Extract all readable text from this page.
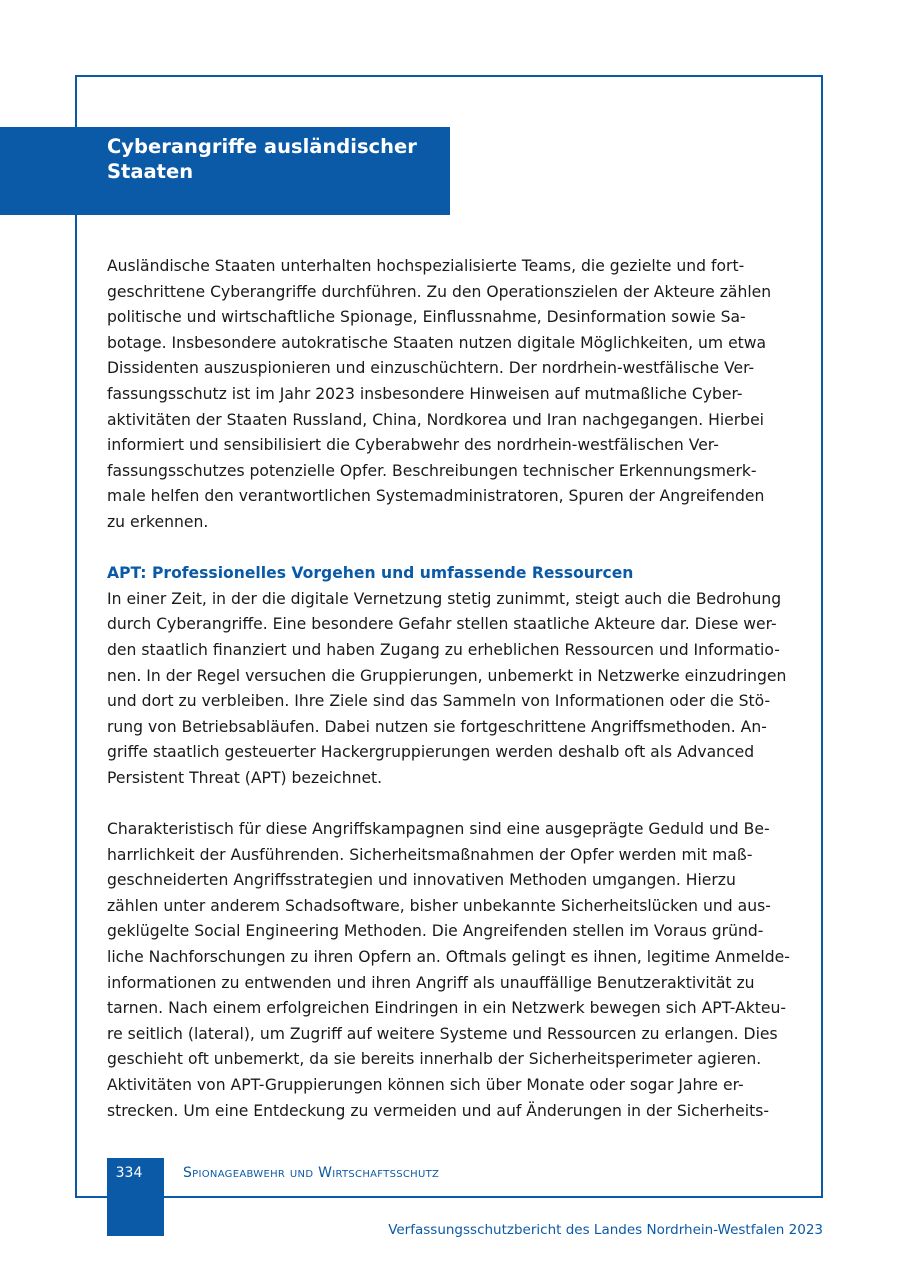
Cyberangriffe ausländischer
Staaten

Ausländische Staaten unterhalten hochspezialisierte Teams, die gezielte und fort-
geschrittene Cyberangriffe durchführen. Zu den Operationszielen der Akteure zählen
politische und wirtschaftliche Spionage, Einflussnahme, Desinformation sowie Sa-
botage. Insbesondere autokratische Staaten nutzen digitale Möglichkeiten, um etwa
Dissidenten auszuspionieren und einzuschüchtern. Der nordrhein-westfälische Ver-
fassungsschutz ist im Jahr 2023 insbesondere Hinweisen auf mutmaßliche Cyber-
aktivitäten der Staaten Russland, China, Nordkorea und Iran nachgegangen. Hierbei
informiert und sensibilisiert die Cyberabwehr des nordrhein-westfälischen Ver-
fassungsschutzes potenzielle Opfer. Beschreibungen technischer Erkennungsmerk-
male helfen den verantwortlichen Systemadministratoren, Spuren der Angreifenden
zu erkennen.

APT: Professionelles Vorgehen und umfassende Ressourcen

In einer Zeit, in der die digitale Vernetzung stetig zunimmt, steigt auch die Bedrohung
durch Cyberangriffe. Eine besondere Gefahr stellen staatliche Akteure dar. Diese wer-
den staatlich finanziert und haben Zugang zu erheblichen Ressourcen und Informatio-
nen. In der Regel versuchen die Gruppierungen, unbemerkt in Netzwerke einzudringen
und dort zu verbleiben. Ihre Ziele sind das Sammeln von Informationen oder die Stö-
rung von Betriebsabläufen. Dabei nutzen sie fortgeschrittene Angriffsmethoden. An-
griffe staatlich gesteuerter Hackergruppierungen werden deshalb oft als Advanced
Persistent Threat (APT) bezeichnet.

Charakteristisch für diese Angriffskampagnen sind eine ausgeprägte Geduld und Be-
harrlichkeit der Ausführenden. Sicherheitsmaßnahmen der Opfer werden mit maß-
geschneiderten Angriffsstrategien und innovativen Methoden umgangen. Hierzu
zählen unter anderem Schadsoftware, bisher unbekannte Sicherheitslücken und aus-
geklügelte Social Engineering Methoden. Die Angreifenden stellen im Voraus gründ-
liche Nachforschungen zu ihren Opfern an. Oftmals gelingt es ihnen, legitime Anmelde-
informationen zu entwenden und ihren Angriff als unauffällige Benutzeraktivität zu
tarnen. Nach einem erfolgreichen Eindringen in ein Netzwerk bewegen sich APT-Akteu-
re seitlich (lateral), um Zugriff auf weitere Systeme und Ressourcen zu erlangen. Dies
geschieht oft unbemerkt, da sie bereits innerhalb der Sicherheitsperimeter agieren.
Aktivitäten von APT-Gruppierungen können sich über Monate oder sogar Jahre er-
strecken. Um eine Entdeckung zu vermeiden und auf Änderungen in der Sicherheits-

334	Spionageabwehr und Wirtschaftsschutz
Verfassungsschutzbericht des Landes Nordrhein-Westfalen 2023
